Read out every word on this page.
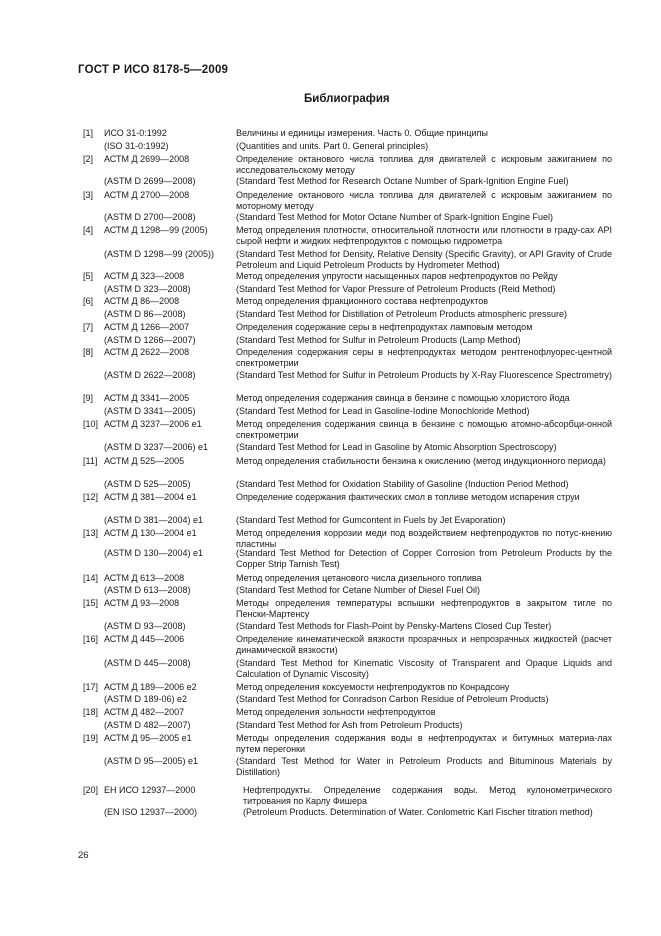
ГОСТ Р ИСО 8178-5—2009
Библиография
[1] ИСО 31-0:1992	Величины и единицы измерения. Часть 0. Общие принципы
(ISO 31-0:1992)	(Quantities and units. Part 0. General principles)
[2] АСТМ Д 2699—2008	Определение октанового числа топлива для двигателей с искровым зажиганием по исследовательскому методу
(ASTM D 2699—2008)	(Standard Test Method for Research Octane Number of Spark-Ignition Engine Fuel)
[3] АСТМ Д 2700—2008	Определение октанового числа топлива для двигателей с искровым зажиганием по моторному методу
(ASTM D 2700—2008)	(Standard Test Method for Motor Octane Number of Spark-Ignition Engine Fuel)
[4] АСТМ Д 1298—99 (2005)	Метод определения плотности, относительной плотности или плотности в граду-сах API сырой нефти и жидких нефтепродуктов с помощью гидрометра
(ASTM D 1298—99 (2005)) (Standard Test Method for Density, Relative Density (Specific Gravity), or API Gravity of Crude Petroleum and Liquid Petroleum Products by Hydrometer Method)
[5] АСТМ Д 323—2008	Метод определения упругости насыщенных паров нефтепродуктов по Рейду
(ASTM D 323—2008)	(Standard Test Method for Vapor Pressure of Petroleum Products (Reid Method)
[6] АСТМ Д 86—2008	Метод определения фракционного состава нефтепродуктов
(ASTM D 86—2008)	(Standard Test Method for Distillation of Petroleum Products atmospheric pressure)
[7] АСТМ Д 1266—2007	Определения содержание серы в нефтепродуктах ламповым методом
(ASTM D 1266—2007)	(Standard Test Method for Sulfur in Petroleum Products (Lamp Method)
[8] АСТМ Д 2622—2008	Определения содержания серы в нефтепродуктах методом рентгенофлуорес-центной спектрометрии
(ASTM D 2622—2008)	(Standard Test Method for Sulfur in Petroleum Products by X-Ray Fluorescence Spectrometry)
[9] АСТМ Д 3341—2005	Метод определения содержания свинца в бензине с помощью хлористого йода
(ASTM D 3341—2005)	(Standard Test Method for Lead in Gasoline-Iodine Monochloride Method)
[10] АСТМ Д 3237—2006 е1	Метод определения содержания свинца в бензине с помощью атомно-абсорбци-онной спектрометрии
(ASTM D 3237—2006) е1	(Standard Test Method for Lead in Gasoline by Atomic Absorption Spectroscopy)
[11] АСТМ Д 525—2005	Метод определения стабильности бензина к окислению (метод индукционного периода)
(ASTM D 525—2005)	(Standard Test Method for Oxidation Stability of Gasoline (Induction Period Method)
[12] АСТМ Д 381—2004 е1	Определение содержания фактических смол в топливе методом испарения струи
(ASTM D 381—2004) е1	(Standard Test Method for Gumcontent in Fuels by Jet Evaporation)
[13] АСТМ Д 130—2004 е1	Метод определения коррозии меди под воздействием нефтепродуктов по потус-кнению пластины
(ASTM D 130—2004) е1	(Standard Test Method for Detection of Copper Corrosion from Petroleum Products by the Copper Strip Tarnish Test)
[14] АСТМ Д 613—2008	Метод определения цетанового числа дизельного топлива
(ASTM D 613—2008)	(Standard Test Method for Cetane Number of Diesel Fuel Oil)
[15] АСТМ Д 93—2008	Методы определения температуры вспышки нефтепродуктов в закрытом тигле по Пенски-Мартенсу
(ASTM D 93—2008)	(Standard Test Methods for Flash-Point by Pensky-Martens Closed Cup Tester)
[16] АСТМ Д 445—2006	Определение кинематической вязкости прозрачных и непрозрачных жидкостей (расчет динамической вязкости)
(ASTM D 445—2008)	(Standard Test Method for Kinematic Viscosity of Transparent and Opaque Liquids and Calculation of Dynamic Viscosity)
[17] АСТМ Д 189—2006 е2	Метод определения коксуемости нефтепродуктов по Конрадсону
(ASTM D 189-06) е2	(Standard Test Method for Conradson Carbon Residue of Petroleum Products)
[18] АСТМ Д 482—2007	Метод определения зольности нефтепродуктов
(ASTM D 482—2007)	(Standard Test Method for Ash from Petroleum Products)
[19] АСТМ Д 95—2005 е1	Методы определения содержания воды в нефтепродуктах и битумных материа-лах путем перегонки
(ASTM D 95—2005) е1	(Standard Test Method for Water in Petroleum Products and Bituminous Materials by Distillation)
[20] ЕН ИСО 12937—2000	Нефтепродукты. Определение содержания воды. Метод кулонометрического титрования по Карлу Фишера
(EN ISO 12937—2000)	(Petroleum Products. Determination of Water. Conlometric Karl Fischer titration method)
26
